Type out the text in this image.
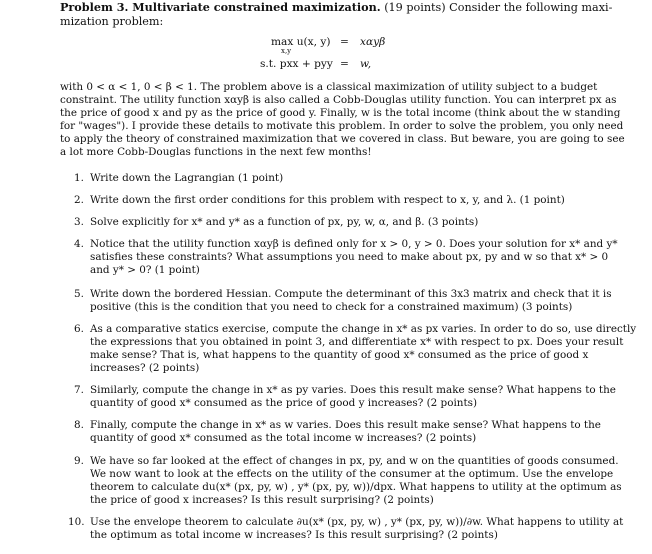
Problem 3. Multivariate constrained maximization. (19 points) Consider the following maxi-
mization problem:
max u(x, y)
x,y
= xαyβ
s.t. pxx + pyy = w,
with 0 < α < 1, 0 < β < 1. The problem above is a classical maximization of utility subject to a budget
constraint. The utility function xαyβ is also called a Cobb-Douglas utility function. You can interpret px as
the price of good x and py as the price of good y. Finally, w is the total income (think about the w standing
for "wages"). I provide these details to motivate this problem. In order to solve the problem, you only need
to apply the theory of constrained maximization that we covered in class. But beware, you are going to see
a lot more Cobb-Douglas functions in the next few months!
1. Write down the Lagrangian (1 point)
2. Write down the first order conditions for this problem with respect to x, y, and λ. (1 point)
3. Solve explicitly for x* and y* as a function of px, py, w, α, and β. (3 points)
4. Notice that the utility function xαyβ is defined only for x > 0, y > 0. Does your solution for x* and y*
satisfies these constraints? What assumptions you need to make about px, py and w so that x* > 0
and y* > 0? (1 point)
5. Write down the bordered Hessian. Compute the determinant of this 3x3 matrix and check that it is
positive (this is the condition that you need to check for a constrained maximum) (3 points)
6. As a comparative statics exercise, compute the change in x* as px varies. In order to do so, use directly
the expressions that you obtained in point 3, and differentiate x* with respect to px. Does your result
make sense? That is, what happens to the quantity of good x* consumed as the price of good x
increases? (2 points)
7. Similarly, compute the change in x* as py varies. Does this result make sense? What happens to the
quantity of good x* consumed as the price of good y increases? (2 points)
8. Finally, compute the change in x* as w varies. Does this result make sense? What happens to the
quantity of good x* consumed as the total income w increases? (2 points)
9. We have so far looked at the effect of changes in px, py, and w on the quantities of goods consumed.
We now want to look at the effects on the utility of the consumer at the optimum. Use the envelope
theorem to calculate du(x* (px, py, w) , y* (px, py, w))/dpx. What happens to utility at the optimum as
the price of good x increases? Is this result surprising? (2 points)
10. Use the envelope theorem to calculate ∂u(x* (px, py, w) , y* (px, py, w))/∂w. What happens to utility at
the optimum as total income w increases? Is this result surprising? (2 points)
